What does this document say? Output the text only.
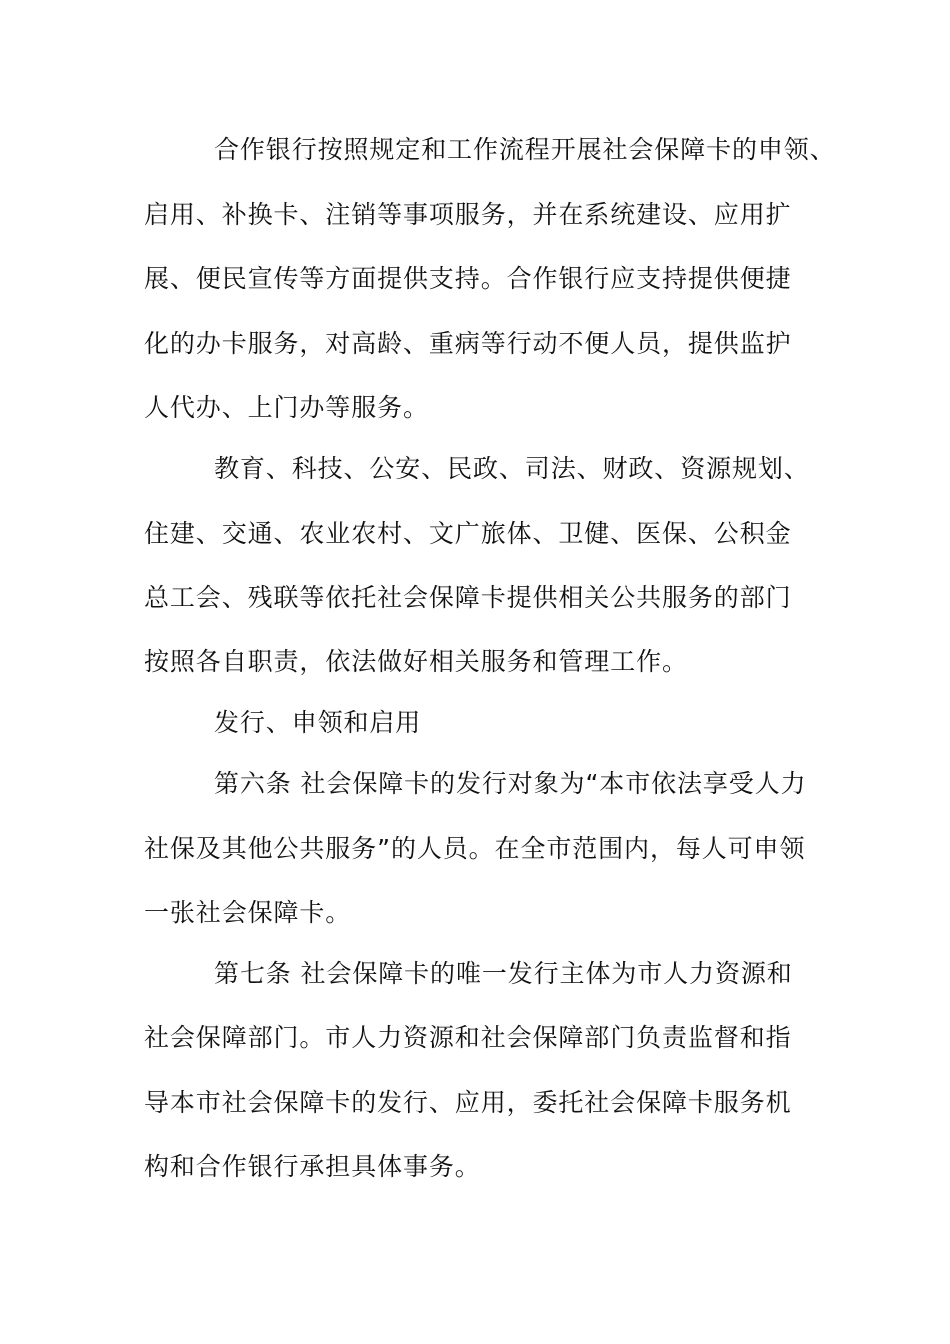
合作银行按照规定和工作流程开展社会保障卡的申领、
启用、补换卡、注销等事项服务，并在系统建设、应用扩
展、便民宣传等方面提供支持。合作银行应支持提供便捷
化的办卡服务，对高龄、重病等行动不便人员，提供监护
人代办、上门办等服务。
教育、科技、公安、民政、司法、财政、资源规划、
住建、交通、农业农村、文广旅体、卫健、医保、公积金
总工会、残联等依托社会保障卡提供相关公共服务的部门
按照各自职责，依法做好相关服务和管理工作。
发行、申领和启用
第六条 社会保障卡的发行对象为“本市依法享受人力
社保及其他公共服务”的人员。在全市范围内，每人可申领
一张社会保障卡。
第七条 社会保障卡的唯一发行主体为市人力资源和
社会保障部门。市人力资源和社会保障部门负责监督和指
导本市社会保障卡的发行、应用，委托社会保障卡服务机
构和合作银行承担具体事务。
